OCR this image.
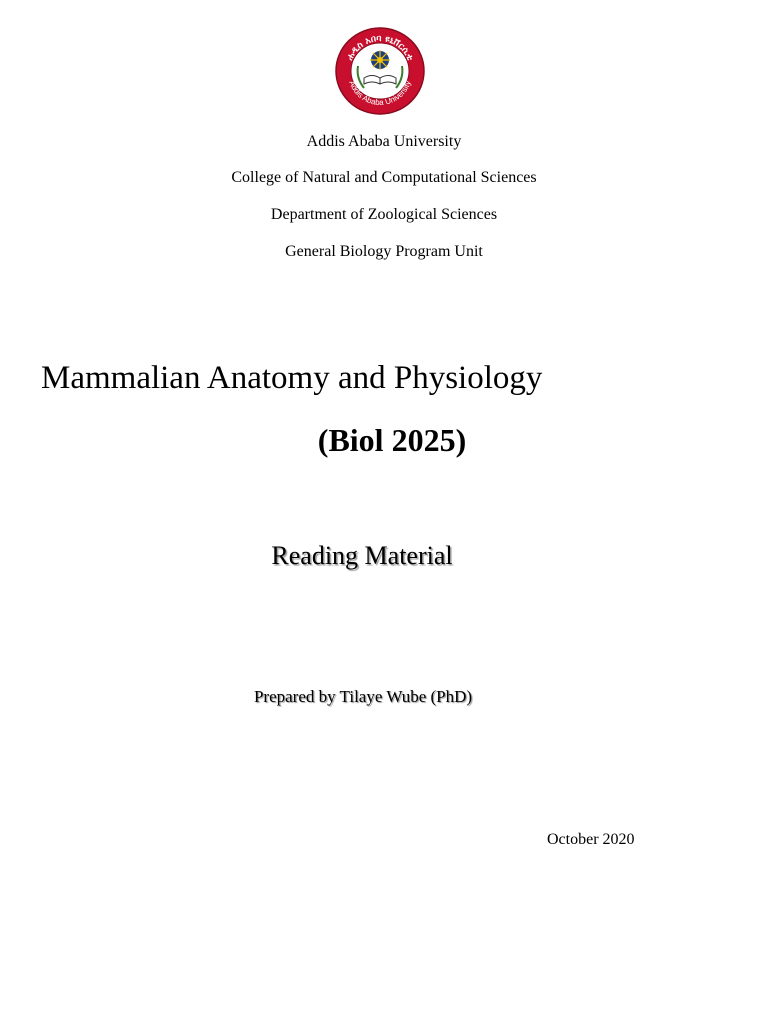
ሐዲስ አበባ ዩኒቨርሲቲ
Addis Ababa University
Addis Ababa University
College of Natural and Computational Sciences
Department of Zoological Sciences
General Biology Program Unit
Mammalian Anatomy and Physiology
(Biol 2025)
Reading Material
Prepared by Tilaye Wube (PhD)
October 2020
